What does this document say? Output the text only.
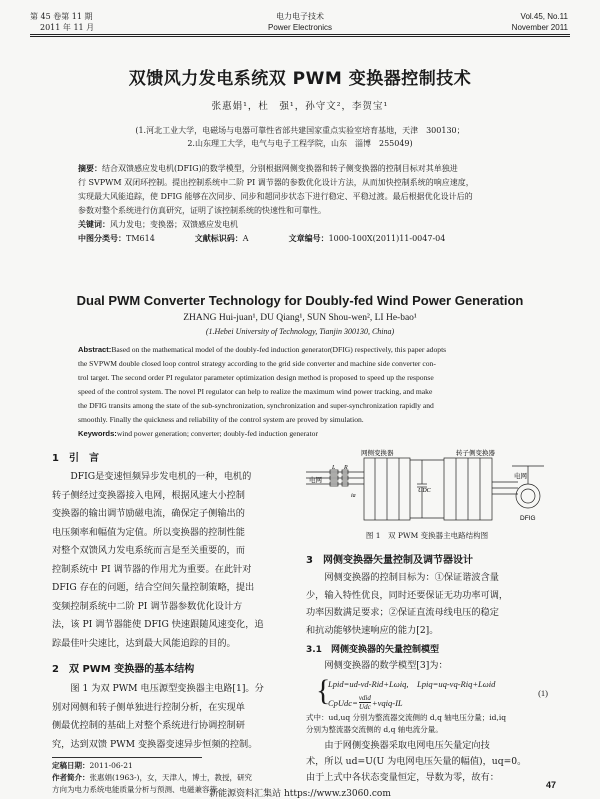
第 45 卷第 11 期
2011 年 11 月
电力电子技术
Power Electronics
Vol.45, No.11
November 2011
双馈风力发电系统双 PWM 变换器控制技术
张惠娟¹，杜　强¹，孙守文²，李贺宝¹
(1.河北工业大学，电磁场与电器可靠性省部共建国家重点实验室培育基地，天津　300130；
2.山东理工大学，电气与电子工程学院，山东　淄博　255049)
摘要：结合双馈感应发电机(DFIG)的数学模型，分别根据网侧变换器和转子侧变换器的控制目标对其单独进
行 SVPWM 双闭环控制。提出控制系统中二阶 PI 调节器的参数优化设计方法，从而加快控制系统的响应速度，
实现最大风能追踪，使 DFIG 能够在次同步、同步和超同步状态下进行稳定、平稳过渡。最后根据优化设计后的
参数对整个系统进行仿真研究，证明了该控制系统的快速性和可靠性。
关键词：风力发电；变换器；双馈感应发电机
中图分类号：TM614	文献标识码：A	文章编号：1000-100X(2011)11-0047-04
Dual PWM Converter Technology for Doubly-fed Wind Power Generation
ZHANG Hui-juan¹, DU Qiang¹, SUN Shou-wen², LI He-bao¹
(1.Hebei University of Technology, Tianjin 300130, China)
Abstract:Based on the mathematical model of the doubly-fed induction generator(DFIG) respectively, this paper adopts
the SVPWM double closed loop control strategy according to the grid side converter and machine side converter con-
trol target. The second order PI regulator parameter optimization design method is proposed to speed up the response
speed of the control system. The novel PI regulator can help to realize the maximum wind power tracking, and make
the DFIG transits among the state of the sub-synchronization, synchronization and super-synchronization rapidly and
smoothly. Finally the quickness and reliability of the control system are proved by simulation.
Keywords:wind power generation; converter; doubly-fed induction generator
1　引　言
DFIG是变速恒频异步发电机的一种，电机的
转子侧经过变换器接入电网，根据风速大小控制
变换器的输出调节励磁电流，确保定子侧输出的
电压频率和幅值为定值。所以变换器的控制性能
对整个双馈风力发电系统而言是至关重要的，而
控制系统中 PI 调节器的作用尤为重要。在此针对
DFIG 存在的问题，结合空间矢量控制策略，提出
变频控制系统中二阶 PI 调节器参数优化设计方
法，该 PI 调节器能使 DFIG 快速跟随风速变化，追
踪最佳叶尖速比，达到最大风能追踪的目的。
2　双 PWM 变换器的基本结构
图 1 为双 PWM 电压源型变换器主电路[1]。分
别对网侧和转子侧单独进行控制分析，在实现单
侧最优控制的基础上对整个系统进行协调控制研
究，达到双馈 PWM 变换器变速异步恒频的控制。
定稿日期：2011-06-21
作者简介：张惠娟(1963-)，女，天津人，博士，教授，研究
方向为电力系统电能质量分析与预测、电磁兼容等。
网侧变换器	转子侧变换器
电网	电网
DFIG
UDC
L R
ia
图 1　双 PWM 变换器主电路结构图
3　网侧变换器矢量控制及调节器设计
网侧变换器的控制目标为：①保证谐波含量
少，输入特性优良，同时还要保证无功功率可调，
功率因数满足要求；②保证直流母线电压的稳定
和抗动能够快速响应的能力[2]。
3.1　网侧变换器的矢量控制模型
网侧变换器的数学模型[3]为：
{
Lpid=ud-vd-Rid+Lωiq,　Lpiq=uq-vq-Riq+Lωid
CpUdc= vdid
Udc +vqiq-IL
(1)
式中：ud,uq 分别为整流器交流侧的 d,q 轴电压分量；id,iq
分别为整流器交流侧的 d,q 轴电流分量。
由于网侧变换器采取电网电压矢量定向技
术，所以 ud=U(U 为电网电压矢量的幅值)，uq=0。
由于上式中各状态变量恒定，导数为零，故有：
47
新能源资料汇集站 https://www.z3060.com
